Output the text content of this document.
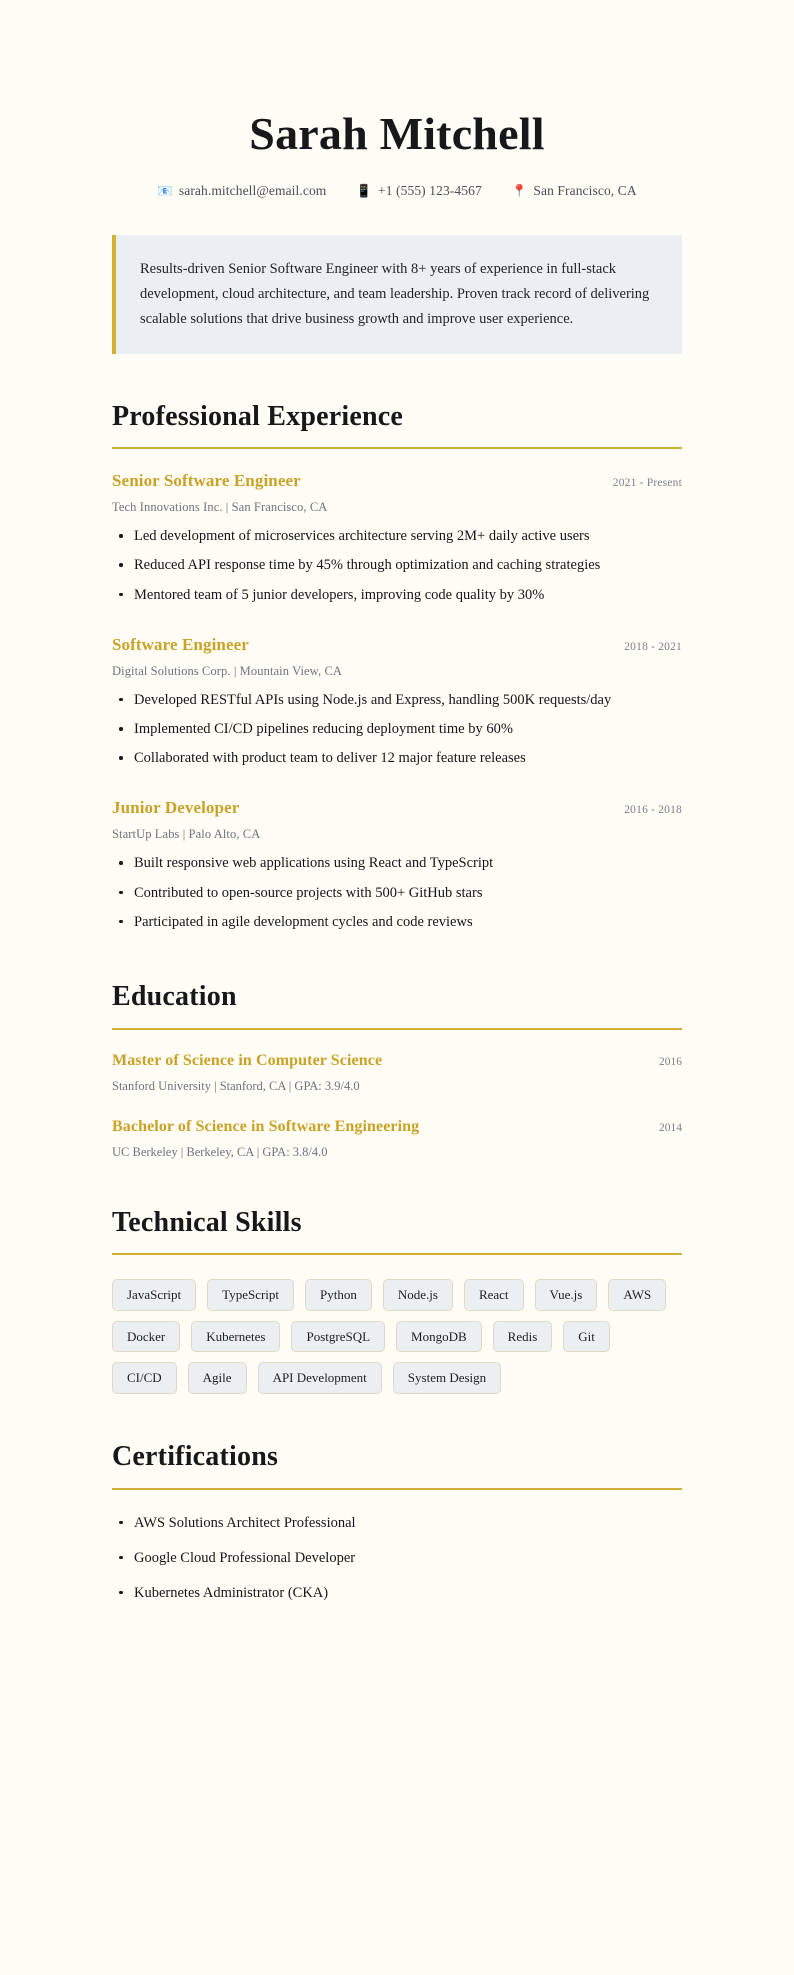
Sarah Mitchell
📧 sarah.mitchell@email.com 📱 +1 (555) 123-4567 📍 San Francisco, CA
Results-driven Senior Software Engineer with 8+ years of experience in full-stack development, cloud architecture, and team leadership. Proven track record of delivering scalable solutions that drive business growth and improve user experience.
Professional Experience
Senior Software Engineer	2021 - Present
Tech Innovations Inc. | San Francisco, CA
Led development of microservices architecture serving 2M+ daily active users
Reduced API response time by 45% through optimization and caching strategies
Mentored team of 5 junior developers, improving code quality by 30%
Software Engineer	2018 - 2021
Digital Solutions Corp. | Mountain View, CA
Developed RESTful APIs using Node.js and Express, handling 500K requests/day
Implemented CI/CD pipelines reducing deployment time by 60%
Collaborated with product team to deliver 12 major feature releases
Junior Developer	2016 - 2018
StartUp Labs | Palo Alto, CA
Built responsive web applications using React and TypeScript
Contributed to open-source projects with 500+ GitHub stars
Participated in agile development cycles and code reviews
Education
Master of Science in Computer Science	2016
Stanford University | Stanford, CA | GPA: 3.9/4.0
Bachelor of Science in Software Engineering	2014
UC Berkeley | Berkeley, CA | GPA: 3.8/4.0
Technical Skills
JavaScript	TypeScript	Python	Node.js	React	Vue.js	AWS
Docker	Kubernetes	PostgreSQL	MongoDB	Redis	Git
CI/CD	Agile	API Development	System Design
Certifications
AWS Solutions Architect Professional
Google Cloud Professional Developer
Kubernetes Administrator (CKA)
